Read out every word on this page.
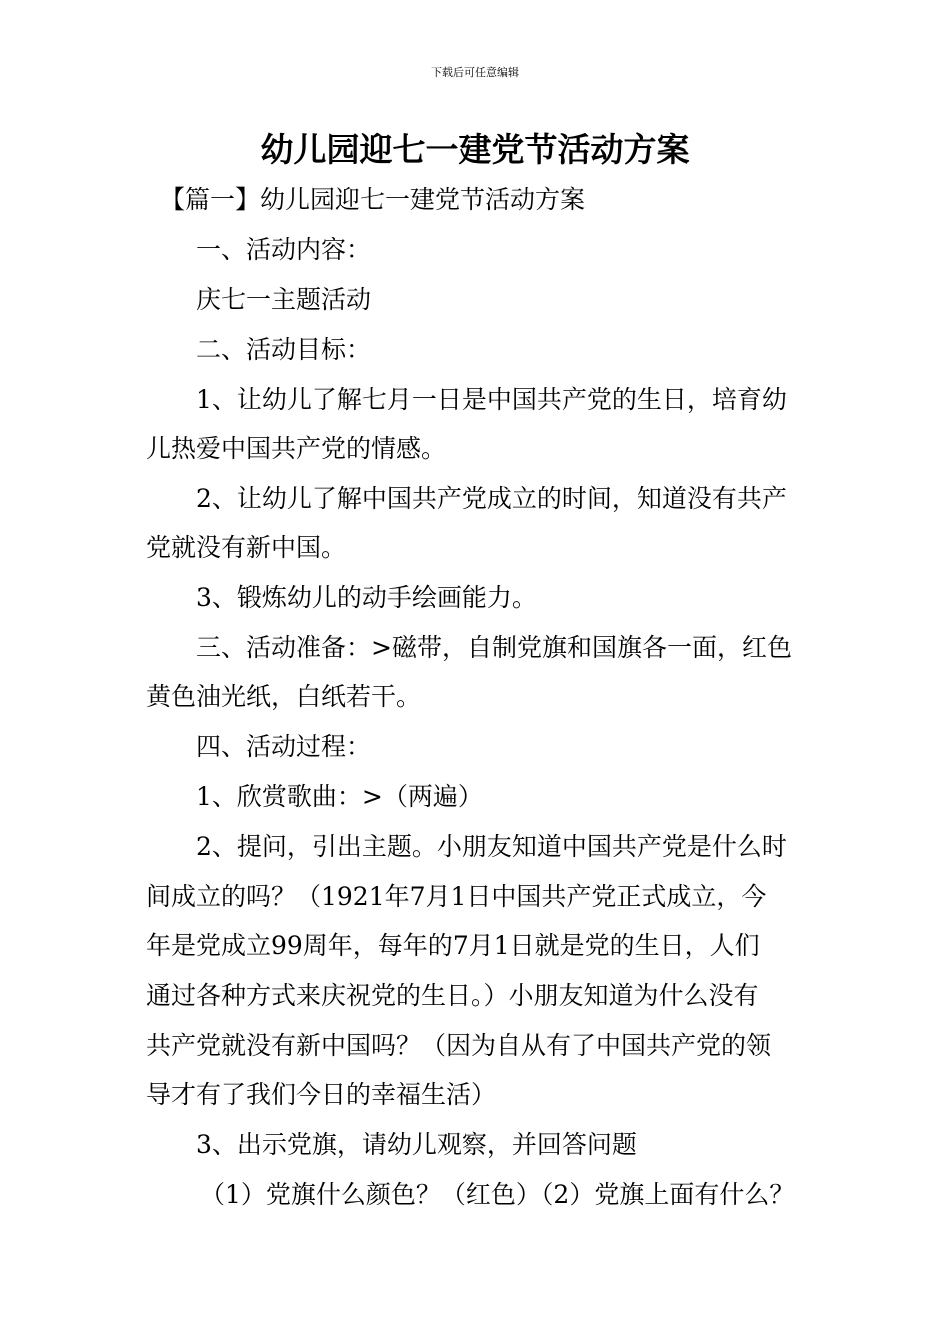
下载后可任意编辑
幼儿园迎七一建党节活动方案

【篇一】幼儿园迎七一建党节活动方案

一、活动内容：

庆七一主题活动

二、活动目标：

1、让幼儿了解七月一日是中国共产党的生日，培育幼

儿热爱中国共产党的情感。

2、让幼儿了解中国共产党成立的时间，知道没有共产

党就没有新中国。

3、锻炼幼儿的动手绘画能力。

三、活动准备：>磁带，自制党旗和国旗各一面，红色

黄色油光纸，白纸若干。

四、活动过程：

1、欣赏歌曲：>（两遍）

2、提问，引出主题。小朋友知道中国共产党是什么时

间成立的吗？（1921年7月1日中国共产党正式成立，今

年是党成立99周年，每年的7月1日就是党的生日，人们

通过各种方式来庆祝党的生日。）小朋友知道为什么没有

共产党就没有新中国吗？（因为自从有了中国共产党的领

导才有了我们今日的幸福生活）

3、出示党旗，请幼儿观察，并回答问题

（1）党旗什么颜色？（红色）（2）党旗上面有什么？
